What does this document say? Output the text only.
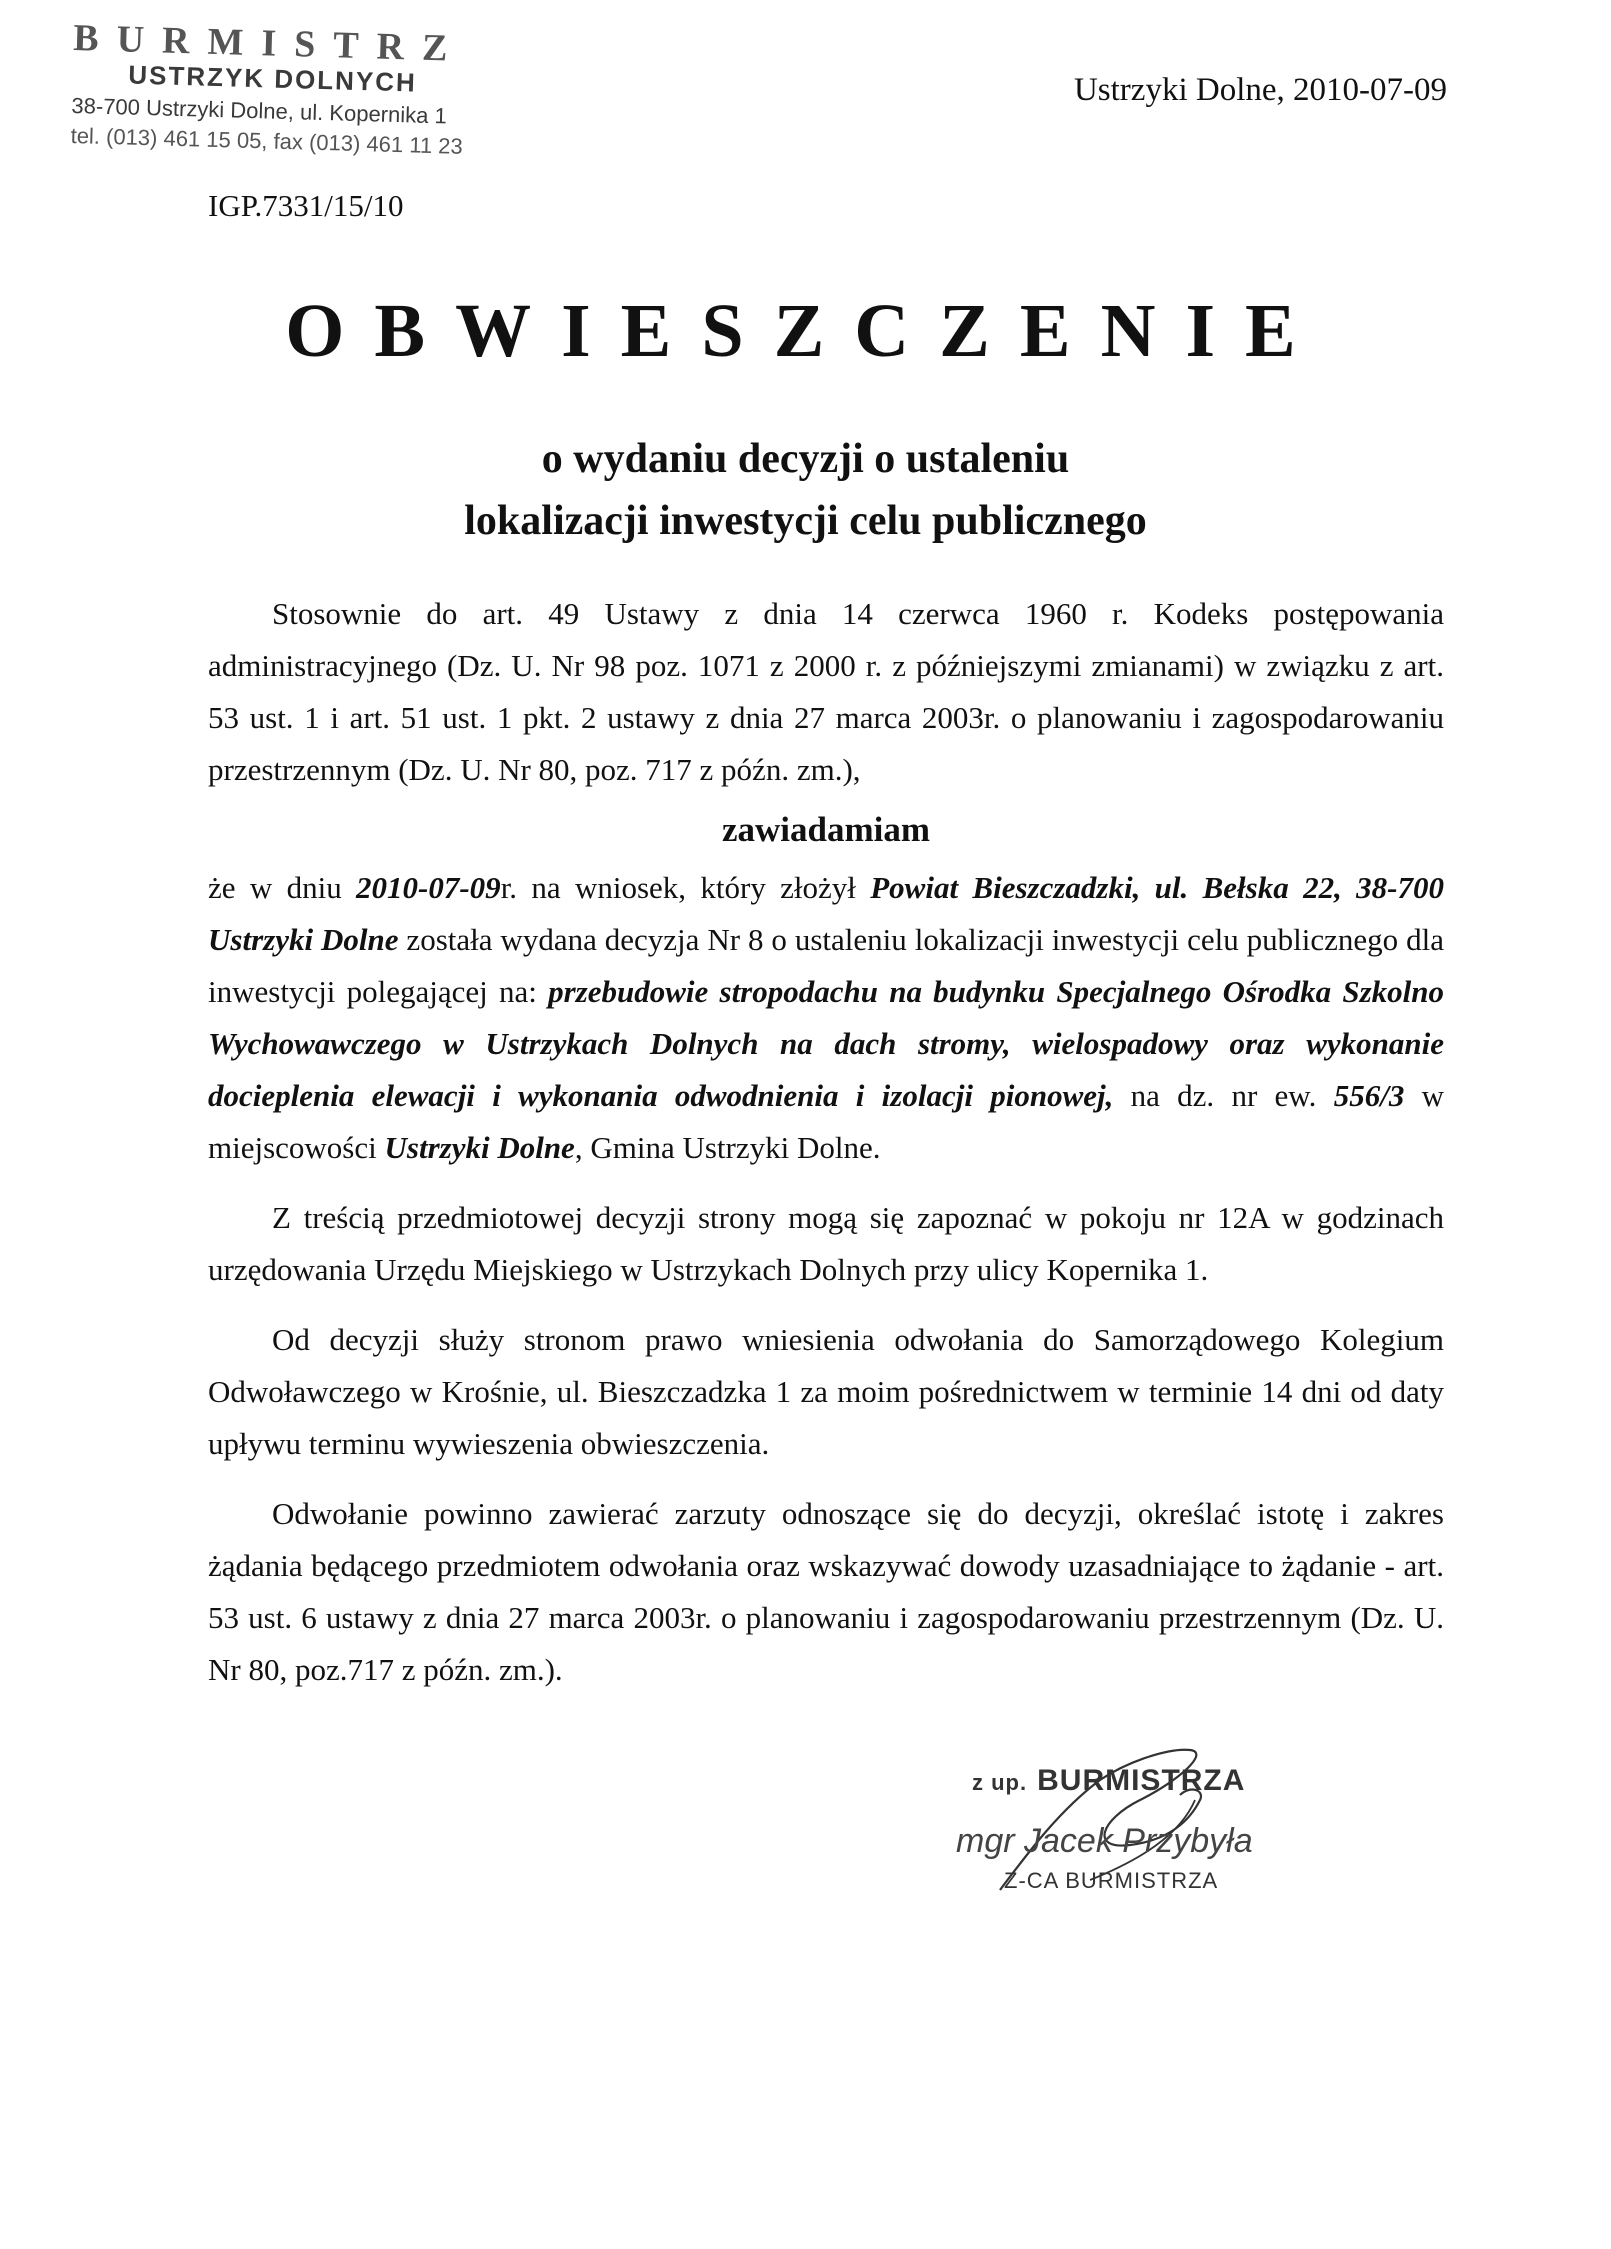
BURMISTRZ
USTRZYK DOLNYCH
38-700 Ustrzyki Dolne, ul. Kopernika 1
tel. (013) 461 15 05, fax (013) 461 11 23
Ustrzyki Dolne, 2010-07-09
IGP.7331/15/10
OBWIESZCZENIE
o wydaniu decyzji o ustaleniu
lokalizacji inwestycji celu publicznego

Stosownie do art. 49 Ustawy z dnia 14 czerwca 1960 r. Kodeks postępowania administracyjnego (Dz. U. Nr 98 poz. 1071 z 2000 r. z późniejszymi zmianami) w związku z art. 53 ust. 1 i art. 51 ust. 1 pkt. 2 ustawy z dnia 27 marca 2003r. o planowaniu i zagospodarowaniu przestrzennym (Dz. U. Nr 80, poz. 717 z późn. zm.),

zawiadamiam

że w dniu 2010-07-09r. na wniosek, który złożył Powiat Bieszczadzki, ul. Bełska 22, 38-700 Ustrzyki Dolne została wydana decyzja Nr 8 o ustaleniu lokalizacji inwestycji celu publicznego dla inwestycji polegającej na: przebudowie stropodachu na budynku Specjalnego Ośrodka Szkolno Wychowawczego w Ustrzykach Dolnych na dach stromy, wielospadowy oraz wykonanie docieplenia elewacji i wykonania odwodnienia i izolacji pionowej, na dz. nr ew. 556/3 w miejscowości Ustrzyki Dolne, Gmina Ustrzyki Dolne.

Z treścią przedmiotowej decyzji strony mogą się zapoznać w pokoju nr 12A w godzinach urzędowania Urzędu Miejskiego w Ustrzykach Dolnych przy ulicy Kopernika 1.

Od decyzji służy stronom prawo wniesienia odwołania do Samorządowego Kolegium Odwoławczego w Krośnie, ul. Bieszczadzka 1 za moim pośrednictwem w terminie 14 dni od daty upływu terminu wywieszenia obwieszczenia.

Odwołanie powinno zawierać zarzuty odnoszące się do decyzji, określać istotę i zakres żądania będącego przedmiotem odwołania oraz wskazywać dowody uzasadniające to żądanie - art. 53 ust. 6 ustawy z dnia 27 marca 2003r. o planowaniu i zagospodarowaniu przestrzennym (Dz. U. Nr 80, poz.717 z późn. zm.).

z up. BURMISTRZA
mgr Jacek Przybyła
Z-CA BURMISTRZA
